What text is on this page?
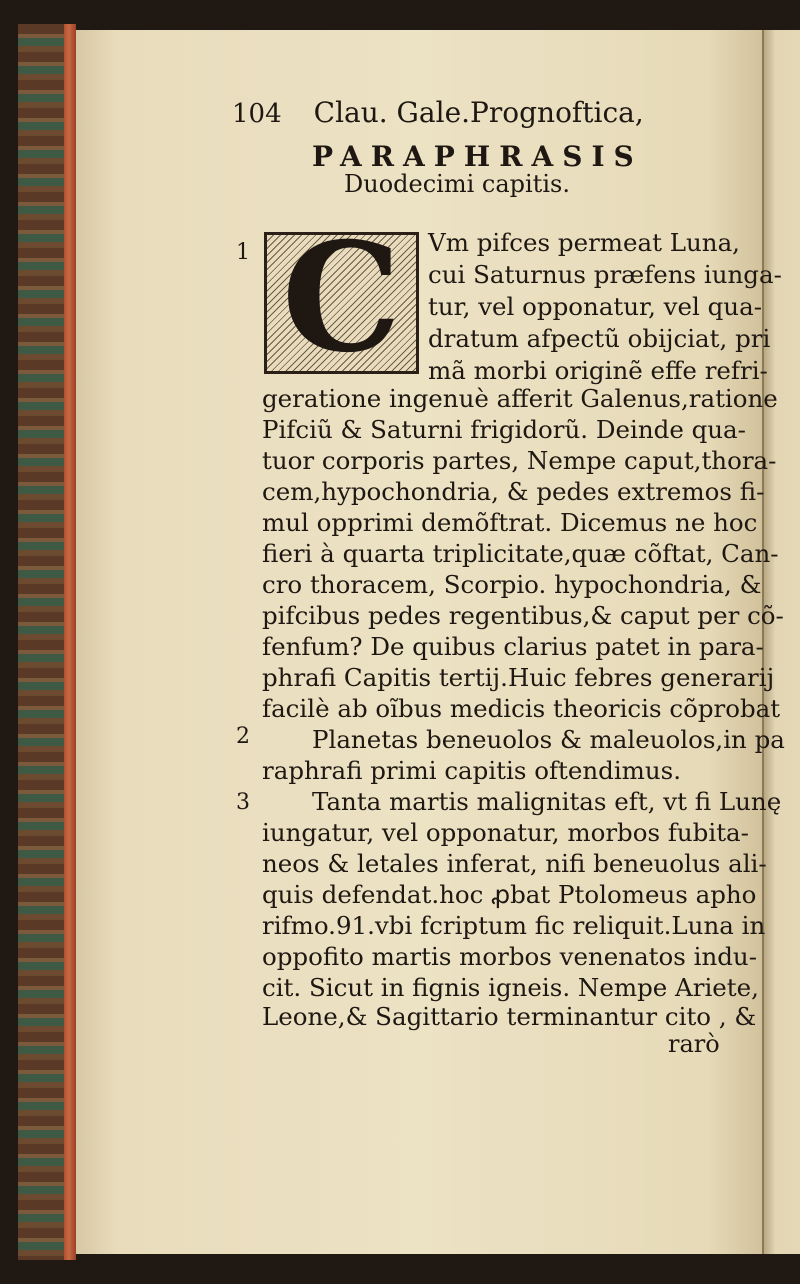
104 Clau. Gale.Prognoftica,
PARAPHRASIS
Duodecimi capitis.
C
1
2
3
Vm pifces permeat Luna,
cui Saturnus præfens iunga-
tur, vel opponatur, vel qua-
dratum afpectũ obijciat, pri
mã morbi originẽ effe refri-
geratione ingenuè afferit Galenus,ratione
Pifciũ & Saturni frigidorũ. Deinde qua-
tuor corporis partes, Nempe caput,thora-
cem,hypochondria, & pedes extremos fi-
mul opprimi demõftrat. Dicemus ne hoc
fieri à quarta triplicitate,quæ cõftat, Can-
cro thoracem, Scorpio. hypochondria, &
pifcibus pedes regentibus,& caput per cõ-
fenfum? De quibus clarius patet in para-
phrafi Capitis tertij.Huic febres generarij
facilè ab oĩbus medicis theoricis cõprobat
Planetas beneuolos & maleuolos,in pa
raphrafi primi capitis oftendimus.
Tanta martis malignitas eft, vt fi Lunę
iungatur, vel opponatur, morbos fubita-
neos & letales inferat, nifi beneuolus ali-
quis defendat.hoc ꝓbat Ptolomeus apho
rifmo.91.vbi fcriptum fic reliquit.Luna in
oppofito martis morbos venenatos indu-
cit. Sicut in fignis igneis. Nempe Ariete,
Leone,& Sagittario terminantur cito , &
rarò
